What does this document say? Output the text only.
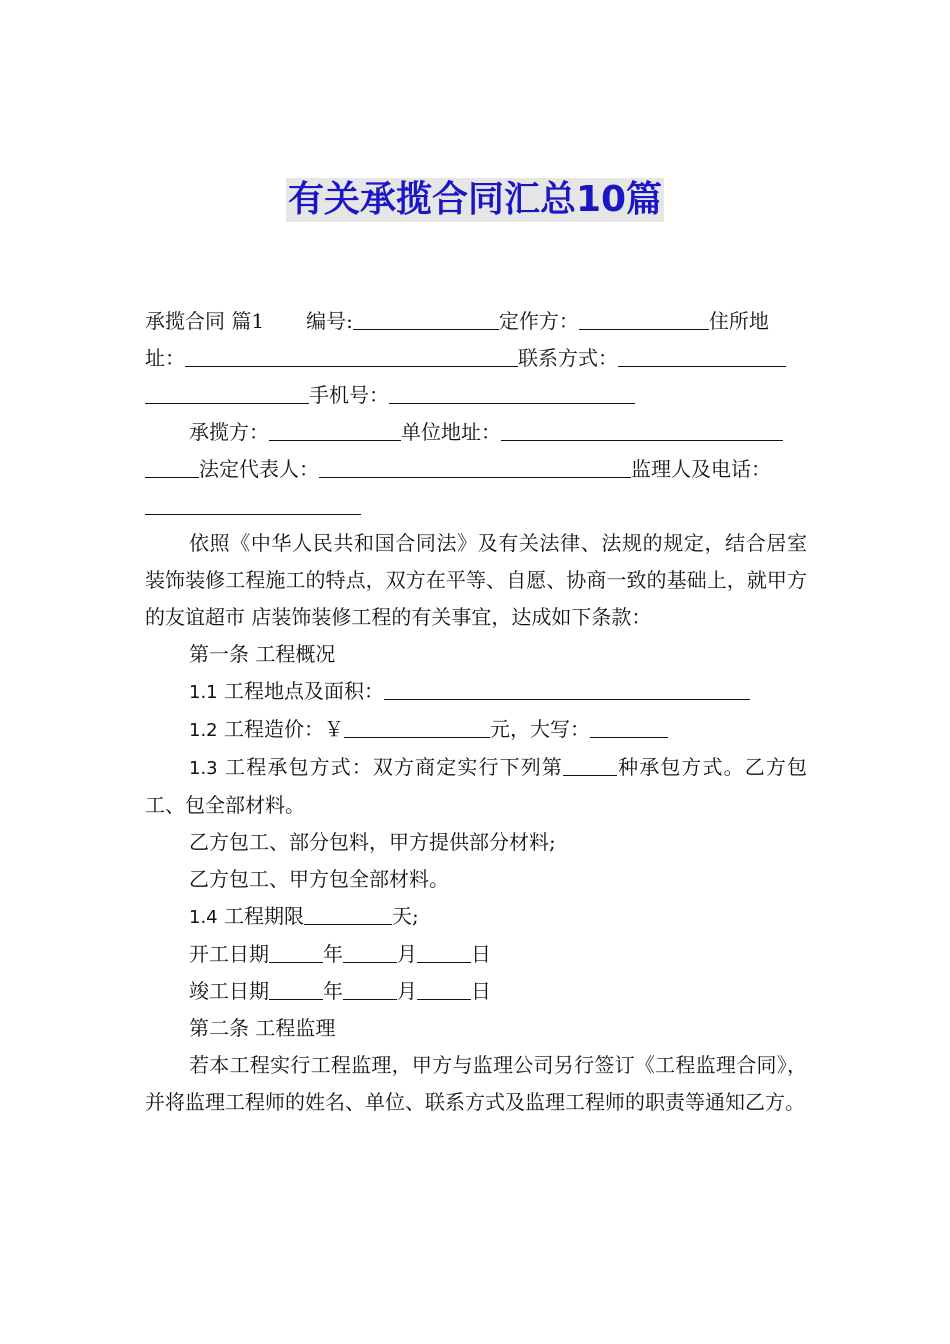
有关承揽合同汇总10篇

承揽合同 篇1 编号:	定作方：	住所地

址：	联系方式：

手机号：

承揽方：	单位地址：

法定代表人：	监理人及电话：

依照《中华人民共和国合同法》及有关法律、法规的规定，结合居室装饰装修工程施工的特点，双方在平等、自愿、协商一致的基础上，就甲方的友谊超市 店装饰装修工程的有关事宜，达成如下条款：

第一条 工程概况

1.1 工程地点及面积：

1.2 工程造价：￥	元，大写：

1.3 工程承包方式：双方商定实行下列第	种承包方式。乙方包工、包全部材料。

乙方包工、部分包料，甲方提供部分材料;

乙方包工、甲方包全部材料。

1.4 工程期限	天;

开工日期	年	月	日

竣工日期	年	月	日

第二条 工程监理

若本工程实行工程监理，甲方与监理公司另行签订《工程监理合同》，并将监理工程师的姓名、单位、联系方式及监理工程师的职责等通知乙方。
